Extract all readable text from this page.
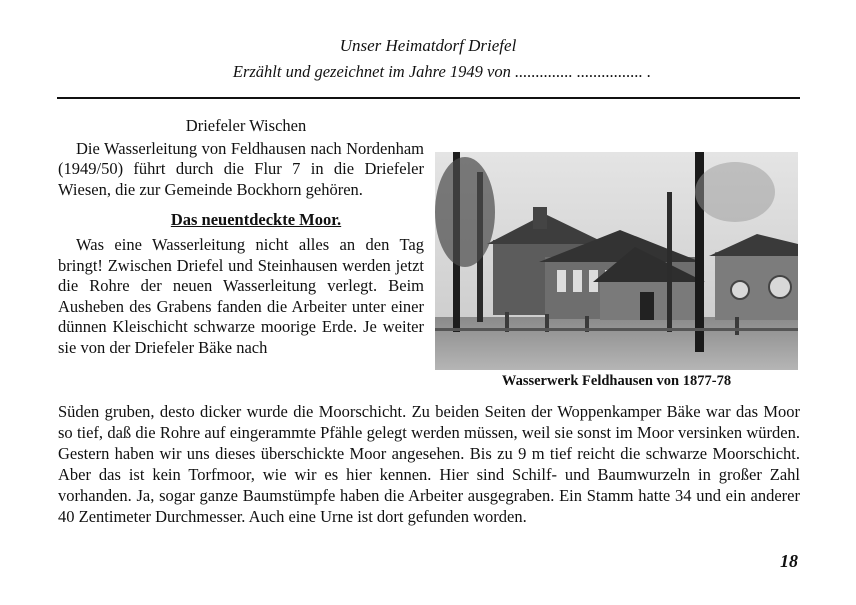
Unser Heimatdorf Driefel
Erzählt und gezeichnet im Jahre 1949 von .............. ................ .
Driefeler Wischen

Die Wasserleitung von Feldhausen nach Nordenham (1949/50) führt durch die Flur 7 in die Driefeler Wiesen, die zur Gemeinde Bockhorn gehören.

Das neuentdeckte Moor.

Was eine Wasserleitung nicht alles an den Tag bringt! Zwischen Driefel und Steinhausen werden jetzt die Rohre der neuen Wasserleitung verlegt. Beim Ausheben des Grabens fanden die Arbeiter unter einer dünnen Kleischicht schwarze moorige Erde. Je weiter sie von der Driefeler Bäke nach

Wasserwerk Feldhausen von 1877-78
Süden gruben, desto dicker wurde die Moorschicht. Zu beiden Seiten der Woppenkamper Bäke war das Moor so tief, daß die Rohre auf eingerammte Pfähle gelegt werden müssen, weil sie sonst im Moor versinken würden. Gestern haben wir uns dieses überschickte Moor angesehen. Bis zu 9 m tief reicht die schwarze Moorschicht. Aber das ist kein Torfmoor, wie wir es hier kennen. Hier sind Schilf- und Baumwurzeln in großer Zahl vorhanden. Ja, sogar ganze Baumstümpfe haben die Arbeiter ausgegraben. Ein Stamm hatte 34 und ein anderer 40 Zentimeter Durchmesser. Auch eine Urne ist dort gefunden worden.
18
